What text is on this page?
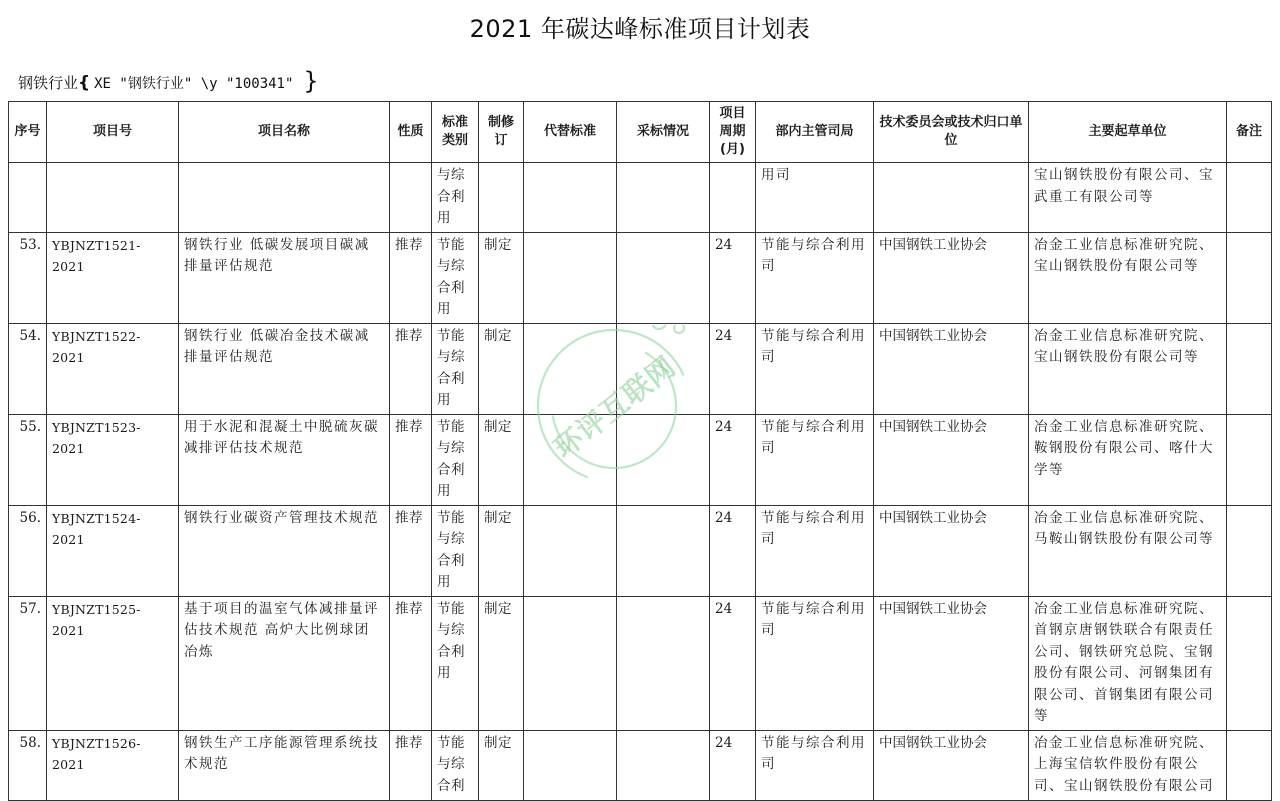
2021 年碳达峰标准项目计划表
钢铁行业{ XE "钢铁行业" \y "100341" }
序号	项目号	项目名称	性质	标准类别	制修订	代替标准	采标情况	项目周期(月)	部内主管司局	技术委员会或技术归口单位	主要起草单位	备注
				与综合利用					用司		宝山钢铁股份有限公司、宝武重工有限公司等	
53.	YBJNZT1521-2021	钢铁行业 低碳发展项目碳减排量评估规范	推荐	节能与综合利用	制定			24	节能与综合利用司	中国钢铁工业协会	冶金工业信息标准研究院、宝山钢铁股份有限公司等	
54.	YBJNZT1522-2021	钢铁行业 低碳冶金技术碳减排量评估规范	推荐	节能与综合利用	制定			24	节能与综合利用司	中国钢铁工业协会	冶金工业信息标准研究院、宝山钢铁股份有限公司等	
55.	YBJNZT1523-2021	用于水泥和混凝土中脱硫灰碳减排评估技术规范	推荐	节能与综合利用	制定			24	节能与综合利用司	中国钢铁工业协会	冶金工业信息标准研究院、鞍钢股份有限公司、喀什大学等	
56.	YBJNZT1524-2021	钢铁行业碳资产管理技术规范	推荐	节能与综合利用	制定			24	节能与综合利用司	中国钢铁工业协会	冶金工业信息标准研究院、马鞍山钢铁股份有限公司等	
57.	YBJNZT1525-2021	基于项目的温室气体减排量评估技术规范 高炉大比例球团冶炼	推荐	节能与综合利用	制定			24	节能与综合利用司	中国钢铁工业协会	冶金工业信息标准研究院、首钢京唐钢铁联合有限责任公司、钢铁研究总院、宝钢股份有限公司、河钢集团有限公司、首钢集团有限公司等	
58.	YBJNZT1526-2021	钢铁生产工序能源管理系统技术规范	推荐	节能与综合利	制定			24	节能与综合利用司	中国钢铁工业协会	冶金工业信息标准研究院、上海宝信软件股份有限公司、宝山钢铁股份有限公司	
环评互联网
